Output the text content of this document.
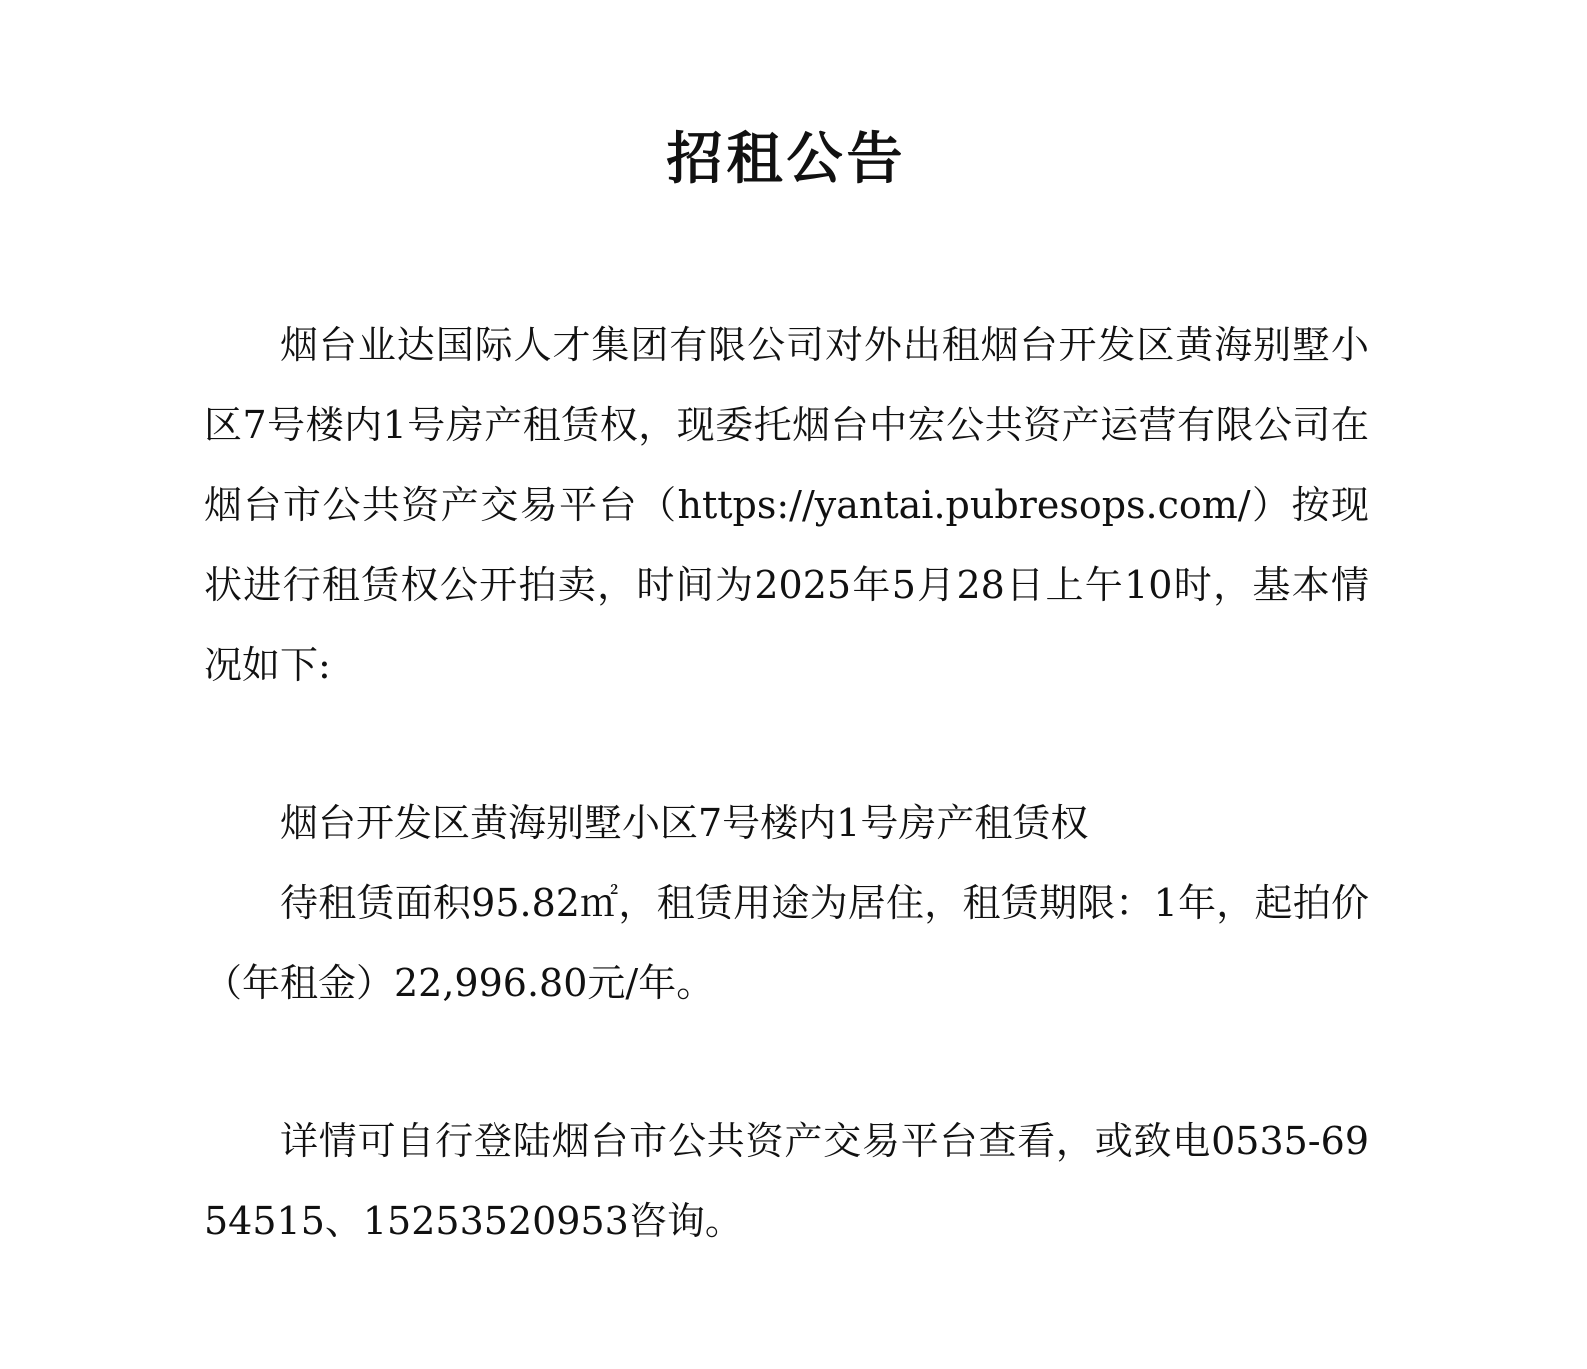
招租公告

烟台业达国际人才集团有限公司对外出租烟台开发区黄海别墅小区7号楼内1号房产租赁权，现委托烟台中宏公共资产运营有限公司在烟台市公共资产交易平台（https://yantai.pubresops.com/）按现状进行租赁权公开拍卖，时间为2025年5月28日上午10时，基本情况如下:

烟台开发区黄海别墅小区7号楼内1号房产租赁权

待租赁面积95.82㎡，租赁用途为居住，租赁期限：1年，起拍价（年租金）22,996.80元/年。

详情可自行登陆烟台市公共资产交易平台查看，或致电0535-6954515、15253520953咨询。
